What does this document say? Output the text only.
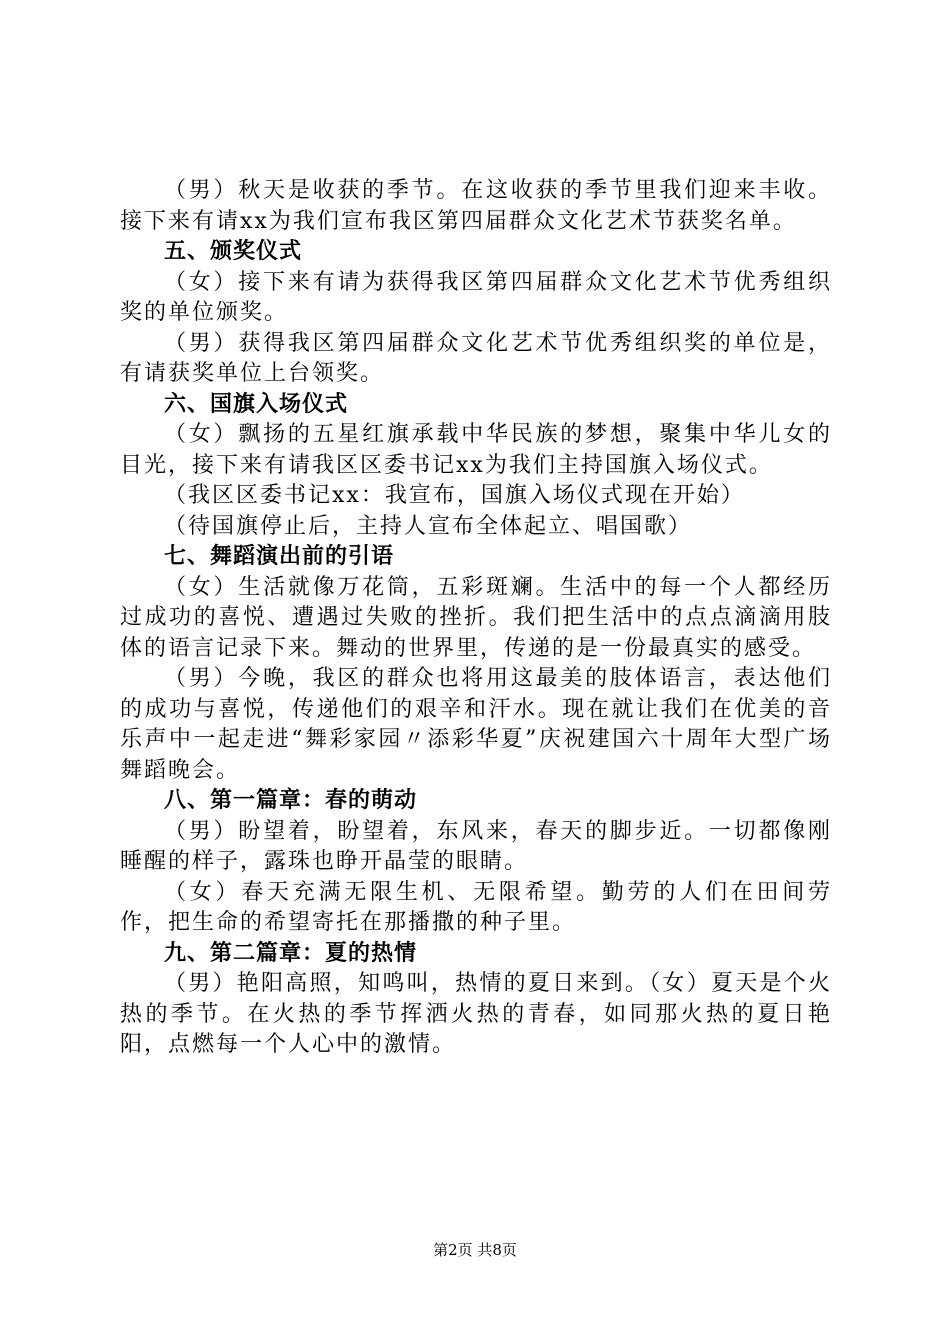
（男）秋天是收获的季节。在这收获的季节里我们迎来丰收。接下来有请xx为我们宣布我区第四届群众文化艺术节获奖名单。

五、颁奖仪式

（女）接下来有请为获得我区第四届群众文化艺术节优秀组织奖的单位颁奖。

（男）获得我区第四届群众文化艺术节优秀组织奖的单位是，有请获奖单位上台领奖。

六、国旗入场仪式

（女）飘扬的五星红旗承载中华民族的梦想，聚集中华儿女的目光，接下来有请我区区委书记xx为我们主持国旗入场仪式。

（我区区委书记xx：我宣布，国旗入场仪式现在开始）

（待国旗停止后，主持人宣布全体起立、唱国歌）

七、舞蹈演出前的引语

（女）生活就像万花筒，五彩斑斓。生活中的每一个人都经历过成功的喜悦、遭遇过失败的挫折。我们把生活中的点点滴滴用肢体的语言记录下来。舞动的世界里，传递的是一份最真实的感受。

（男）今晚，我区的群众也将用这最美的肢体语言，表达他们的成功与喜悦，传递他们的艰辛和汗水。现在就让我们在优美的音乐声中一起走进“舞彩家园〃添彩华夏”庆祝建国六十周年大型广场舞蹈晚会。

八、第一篇章：春的萌动

（男）盼望着，盼望着，东风来，春天的脚步近。一切都像刚睡醒的样子，露珠也睁开晶莹的眼睛。

（女）春天充满无限生机、无限希望。勤劳的人们在田间劳作，把生命的希望寄托在那播撒的种子里。

九、第二篇章：夏的热情

（男）艳阳高照，知鸣叫，热情的夏日来到。（女）夏天是个火热的季节。在火热的季节挥洒火热的青春，如同那火热的夏日艳阳，点燃每一个人心中的激情。

第2页 共8页
